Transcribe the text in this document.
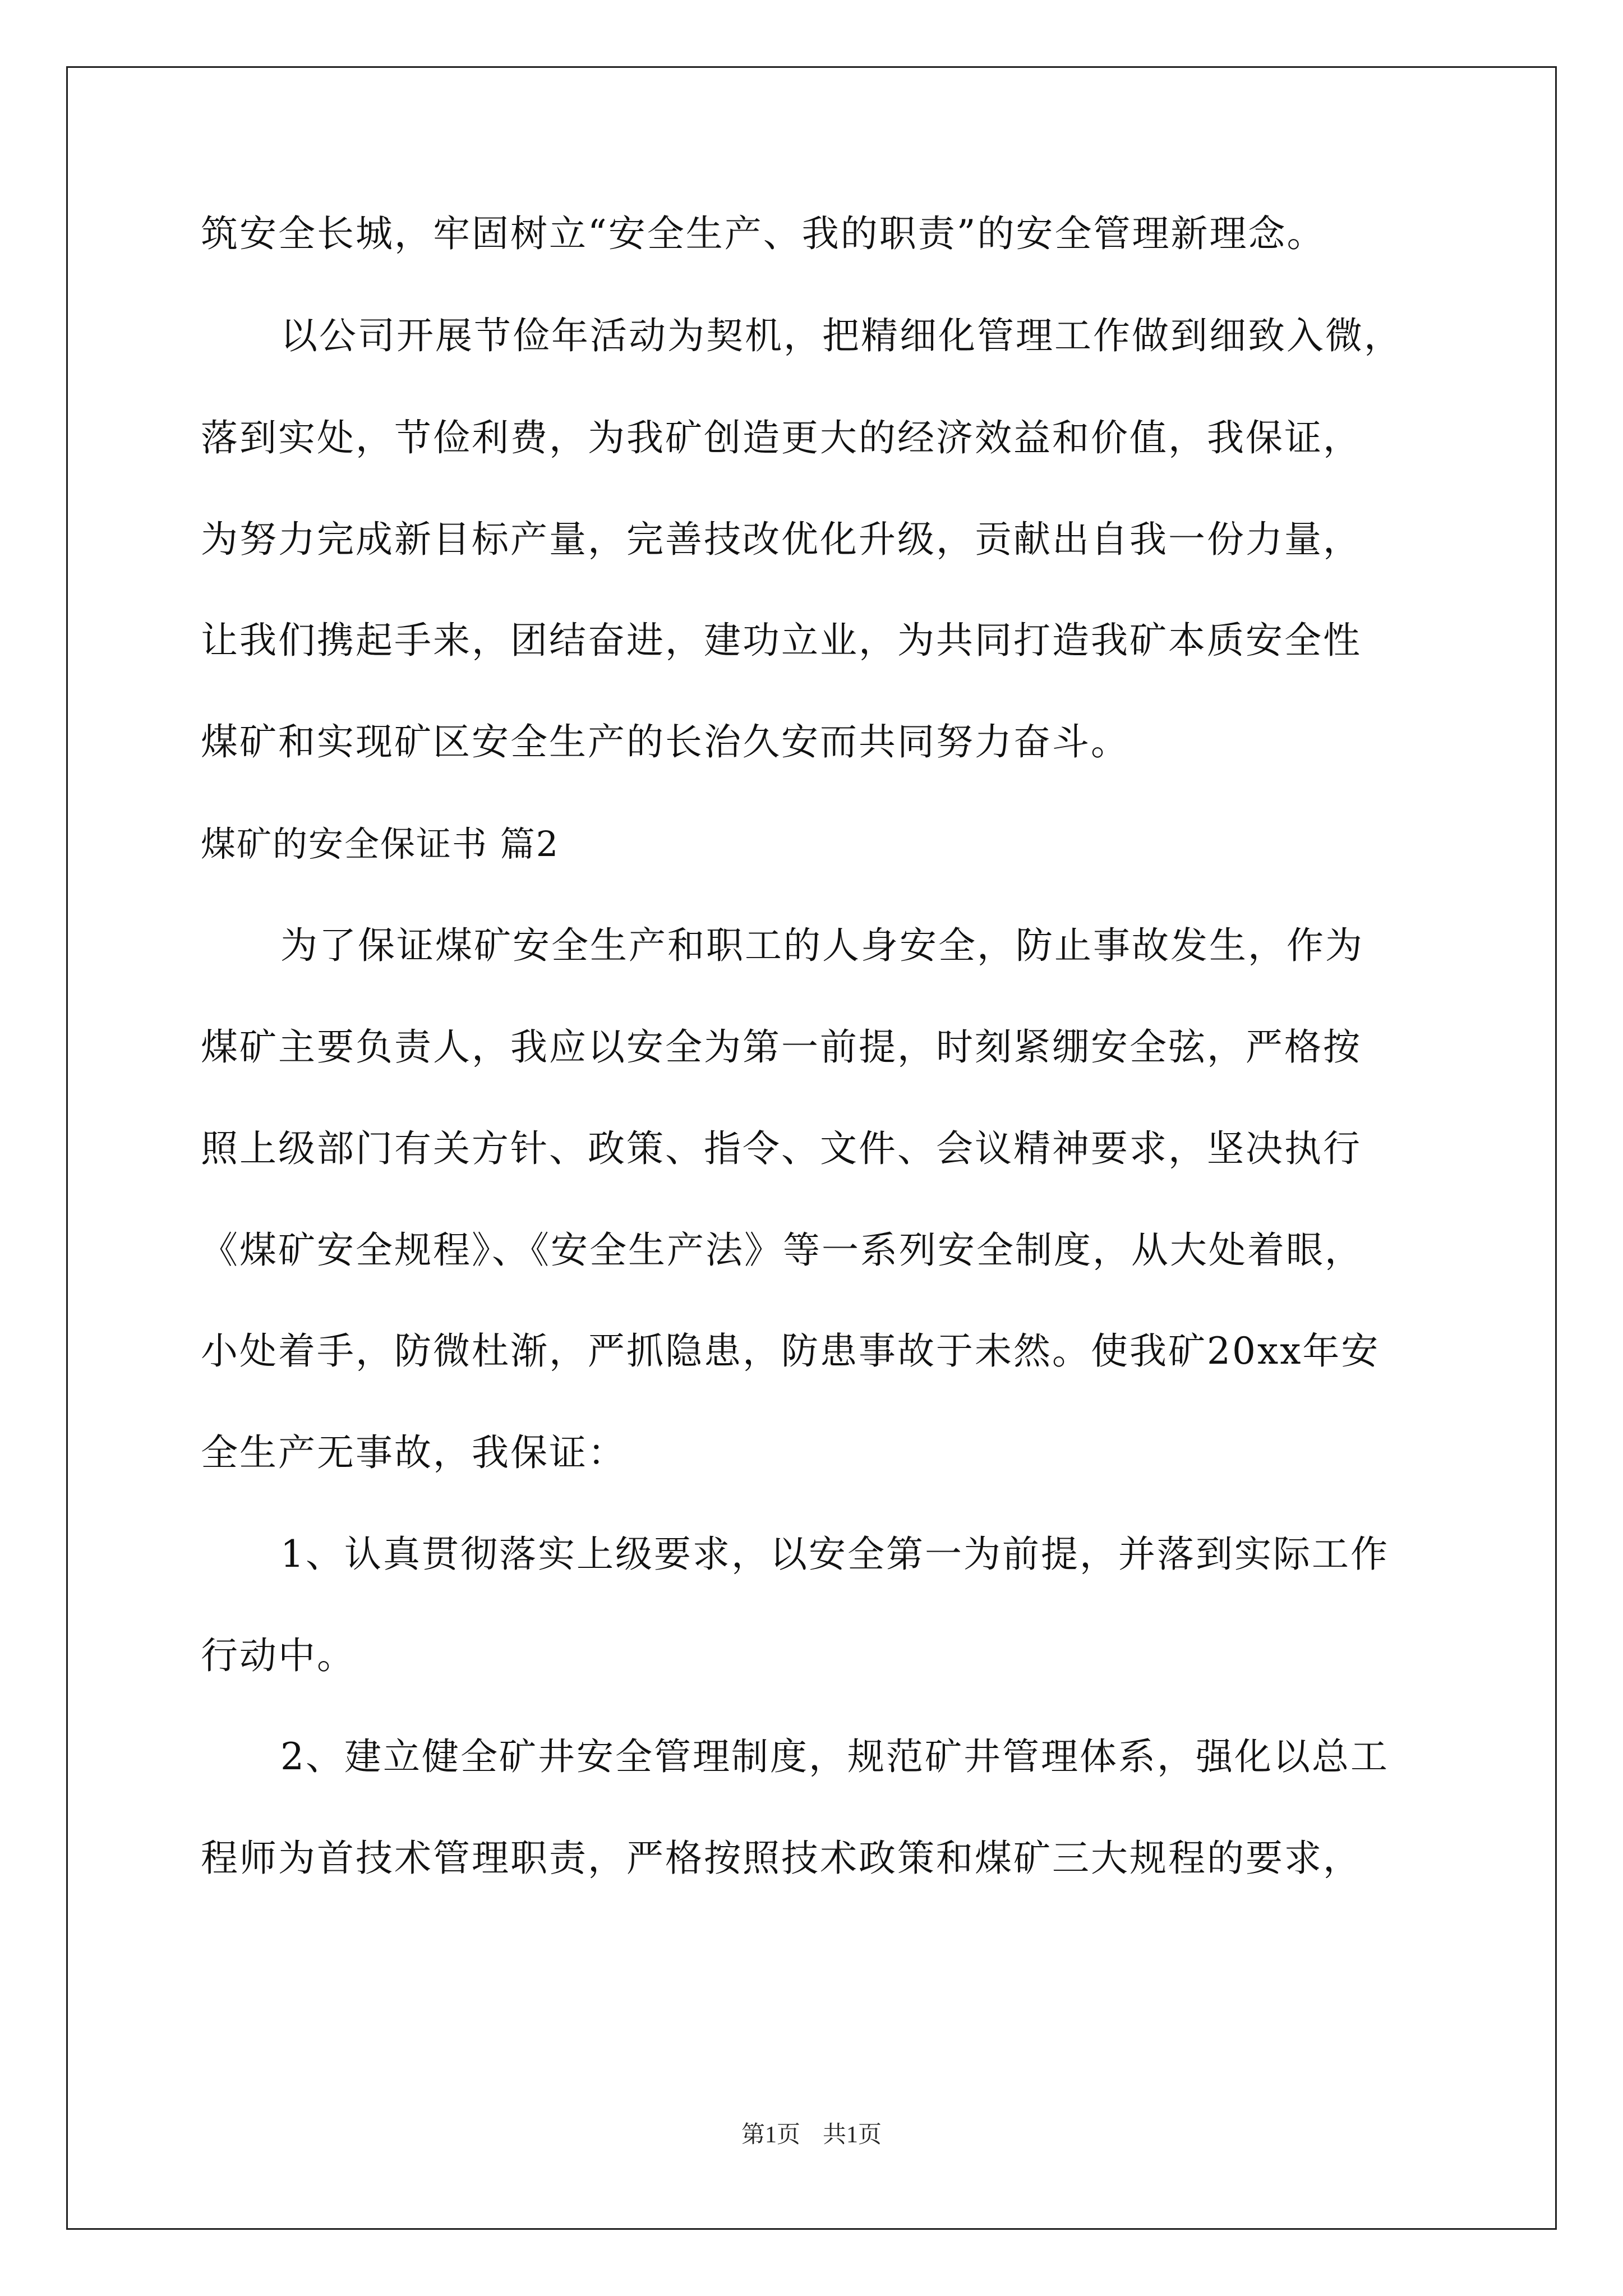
筑安全长城，牢固树立“安全生产、我的职责”的安全管理新理念。
以公司开展节俭年活动为契机，把精细化管理工作做到细致入微，
落到实处，节俭利费，为我矿创造更大的经济效益和价值，我保证，
为努力完成新目标产量，完善技改优化升级，贡献出自我一份力量，
让我们携起手来，团结奋进，建功立业，为共同打造我矿本质安全性
煤矿和实现矿区安全生产的长治久安而共同努力奋斗。
煤矿的安全保证书 篇2
为了保证煤矿安全生产和职工的人身安全，防止事故发生，作为
煤矿主要负责人，我应以安全为第一前提，时刻紧绷安全弦，严格按
照上级部门有关方针、政策、指令、文件、会议精神要求，坚决执行
《煤矿安全规程》、《安全生产法》等一系列安全制度，从大处着眼，
小处着手，防微杜渐，严抓隐患，防患事故于未然。使我矿20xx年安
全生产无事故，我保证：
1、认真贯彻落实上级要求，以安全第一为前提，并落到实际工作
行动中。
2、建立健全矿井安全管理制度，规范矿井管理体系，强化以总工
程师为首技术管理职责，严格按照技术政策和煤矿三大规程的要求，
第1页 共1页
